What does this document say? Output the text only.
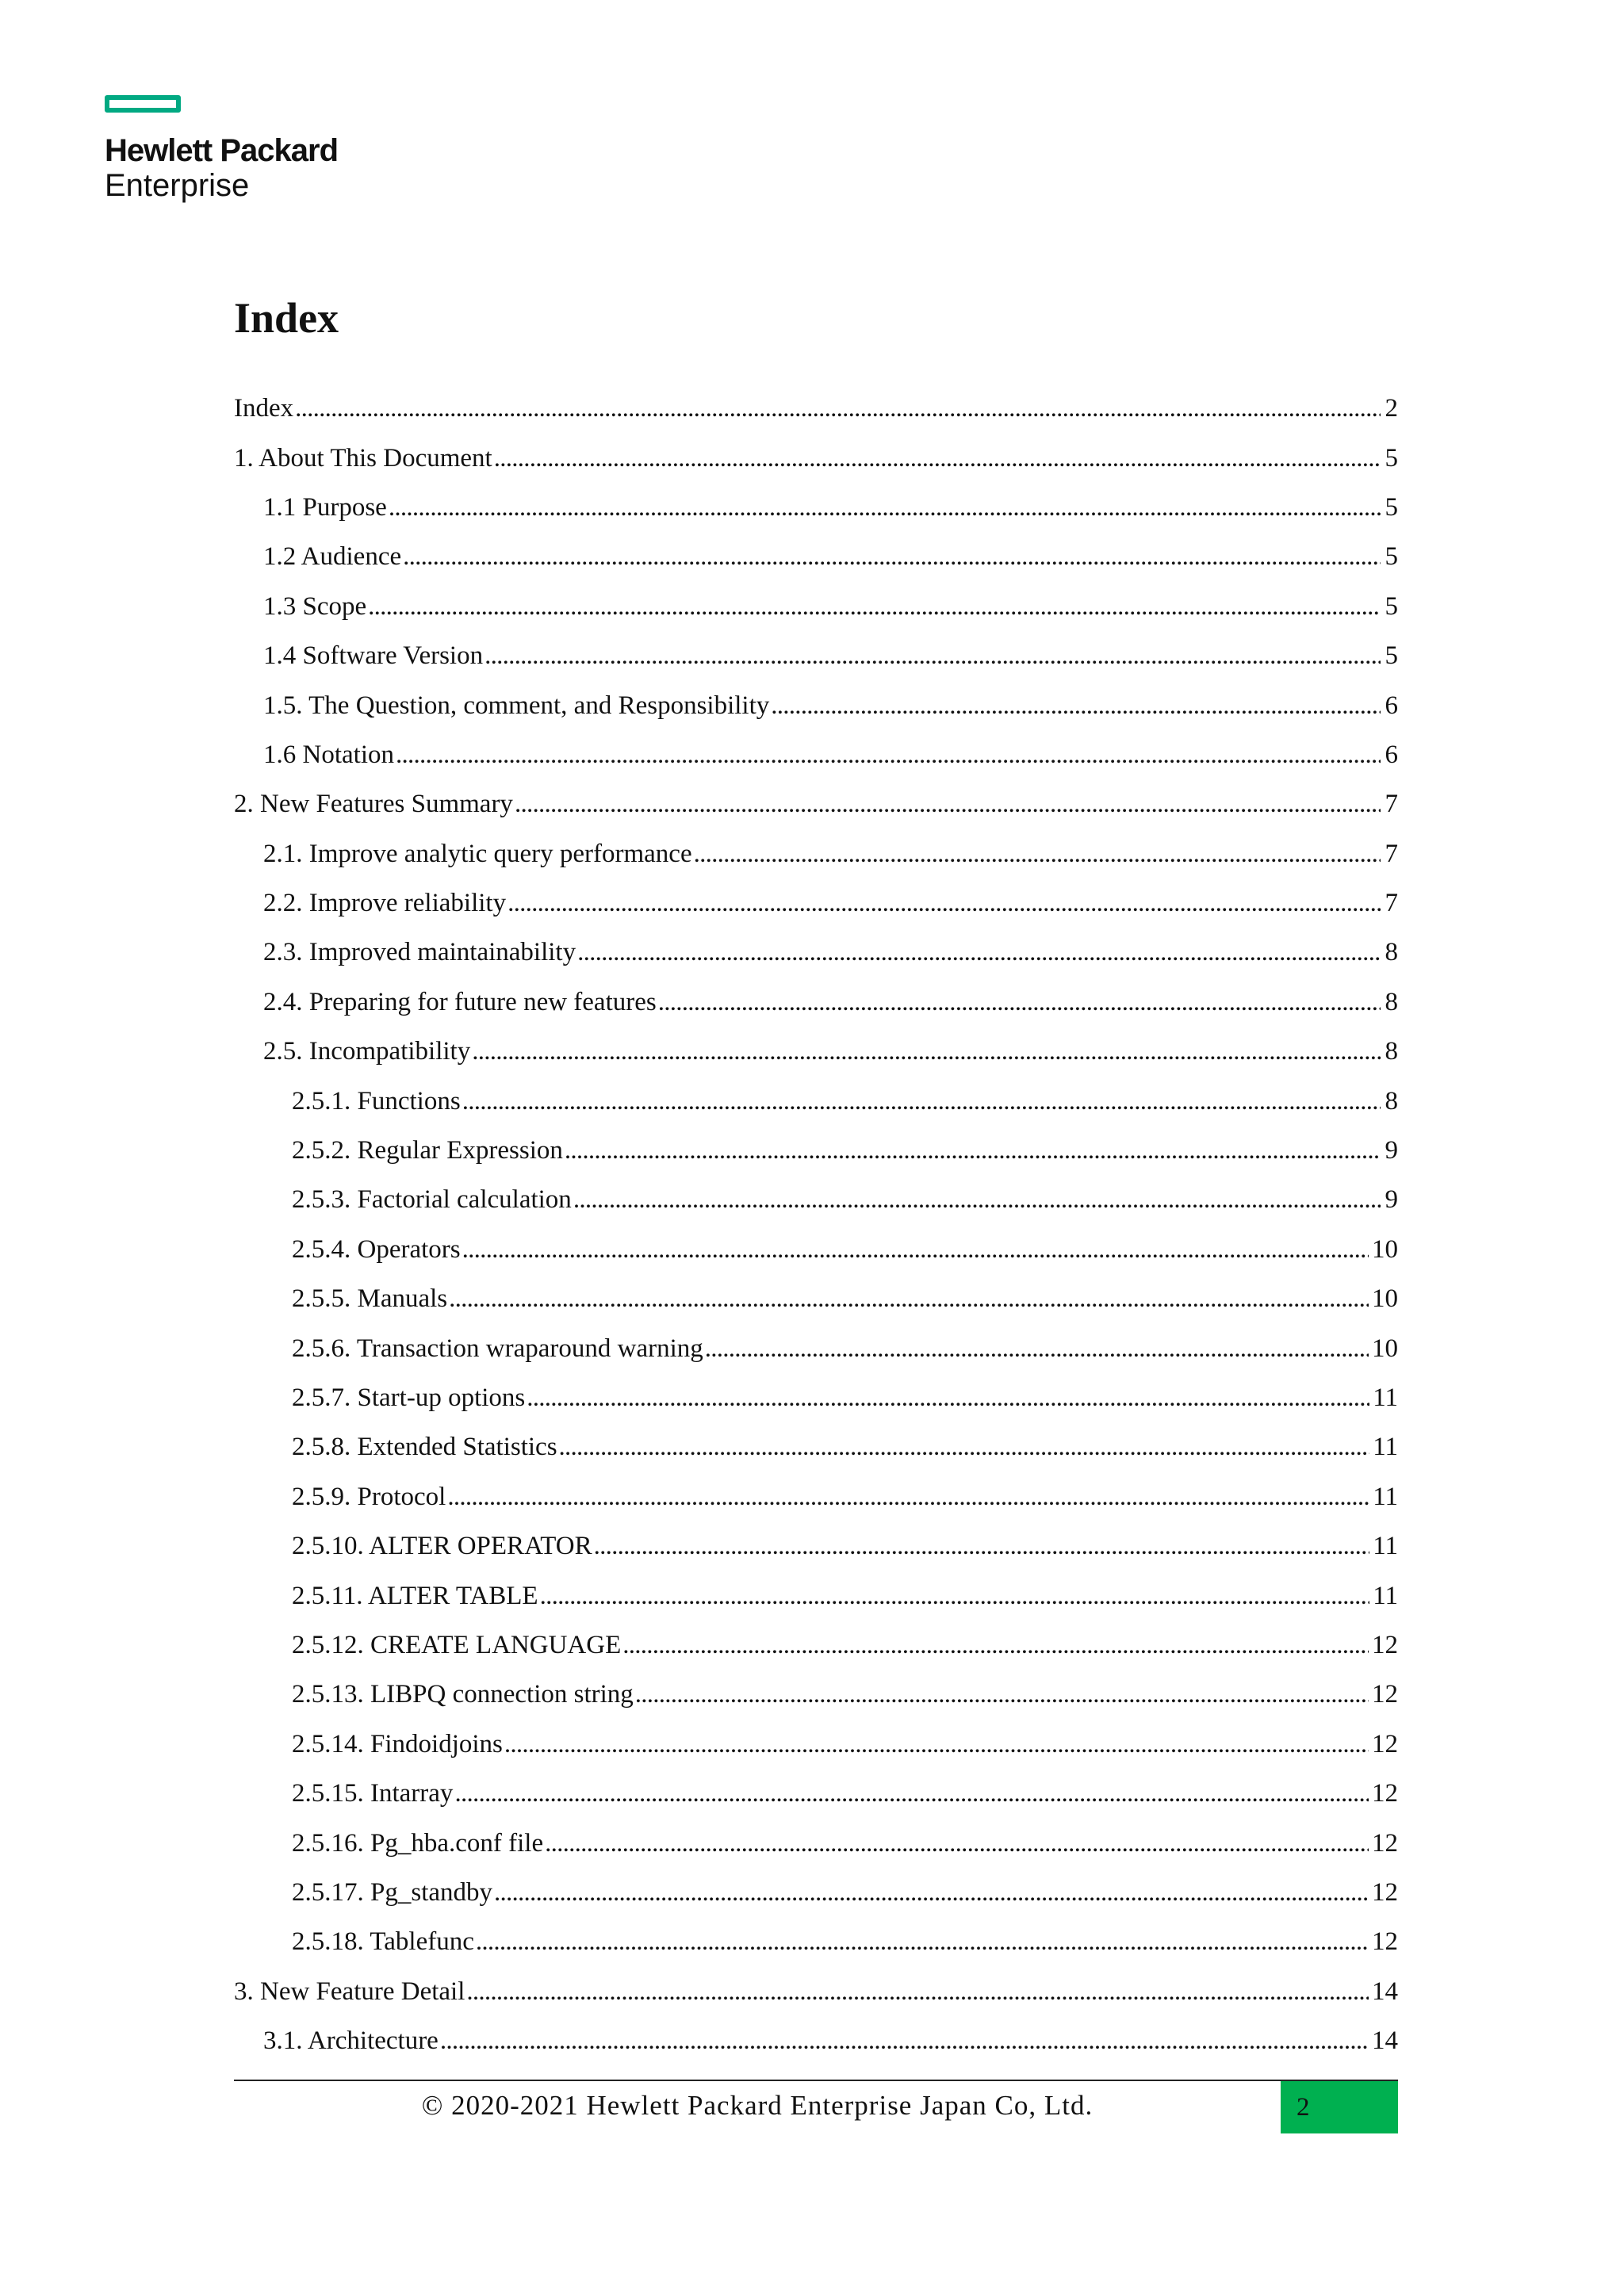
Hewlett Packard
Enterprise
Index
Index . . .	2
1. About This Document . . .	5
1.1 Purpose . . .	5
1.2 Audience . . .	5
1.3 Scope . . .	5
1.4 Software Version . . .	5
1.5. The Question, comment, and Responsibility . . .	6
1.6 Notation . . .	6
2. New Features Summary . . .	7
2.1. Improve analytic query performance . . .	7
2.2. Improve reliability . . .	7
2.3. Improved maintainability . . .	8
2.4. Preparing for future new features . . .	8
2.5. Incompatibility . . .	8
2.5.1. Functions . . .	8
2.5.2. Regular Expression . . .	9
2.5.3. Factorial calculation . . .	9
2.5.4. Operators . . .	10
2.5.5. Manuals . . .	10
2.5.6. Transaction wraparound warning . . .	10
2.5.7. Start-up options . . .	11
2.5.8. Extended Statistics . . .	11
2.5.9. Protocol . . .	11
2.5.10. ALTER OPERATOR . . .	11
2.5.11. ALTER TABLE . . .	11
2.5.12. CREATE LANGUAGE . . .	12
2.5.13. LIBPQ connection string . . .	12
2.5.14. Findoidjoins . . .	12
2.5.15. Intarray . . .	12
2.5.16. Pg_hba.conf file . . .	12
2.5.17. Pg_standby . . .	12
2.5.18. Tablefunc . . .	12
3. New Feature Detail . . .	14
3.1. Architecture . . .	14
© 2020-2021 Hewlett Packard Enterprise Japan Co, Ltd.	2
